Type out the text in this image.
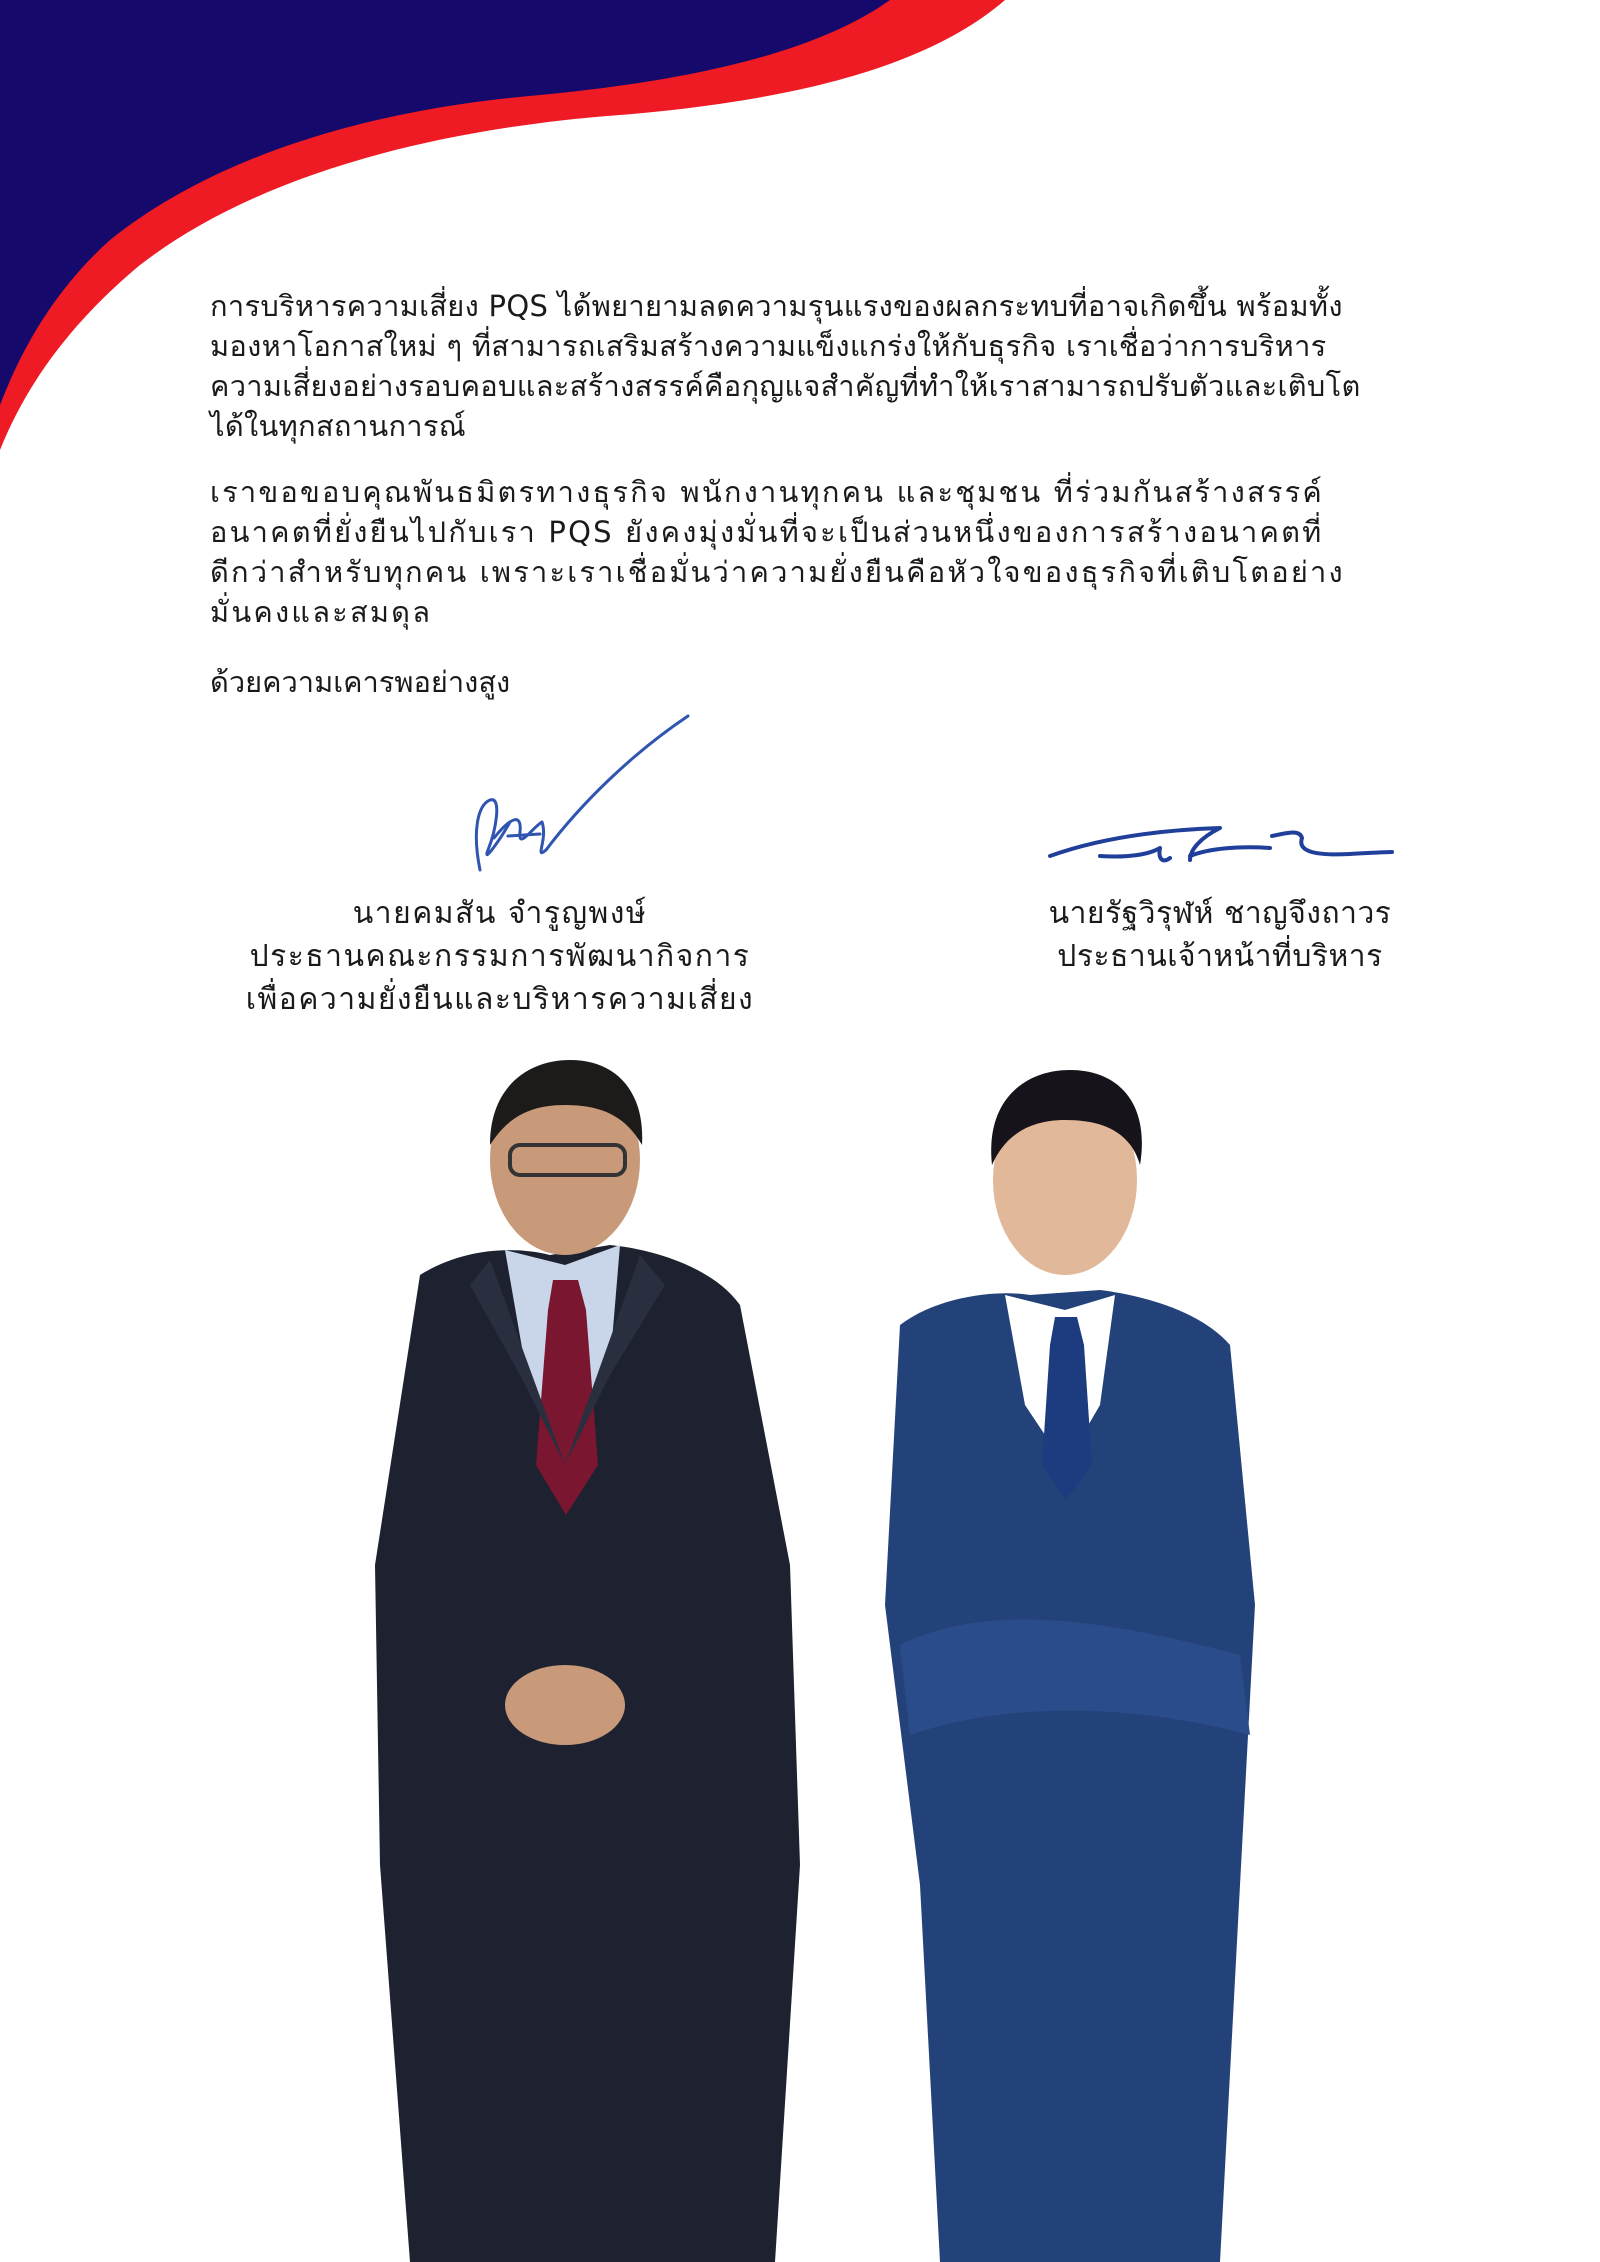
การบริหารความเสี่ยง PQS ได้พยายามลดความรุนแรงของผลกระทบที่อาจเกิดขึ้น พร้อมทั้ง
มองหาโอกาสใหม่ ๆ ที่สามารถเสริมสร้างความแข็งแกร่งให้กับธุรกิจ เราเชื่อว่าการบริหาร
ความเสี่ยงอย่างรอบคอบและสร้างสรรค์คือกุญแจสำคัญที่ทำให้เราสามารถปรับตัวและเติบโต
ได้ในทุกสถานการณ์

เราขอขอบคุณพันธมิตรทางธุรกิจ พนักงานทุกคน และชุมชน ที่ร่วมกันสร้างสรรค์
อนาคตที่ยั่งยืนไปกับเรา PQS ยังคงมุ่งมั่นที่จะเป็นส่วนหนึ่งของการสร้างอนาคตที่
ดีกว่าสำหรับทุกคน เพราะเราเชื่อมั่นว่าความยั่งยืนคือหัวใจของธุรกิจที่เติบโตอย่าง
มั่นคงและสมดุล

ด้วยความเคารพอย่างสูง
นายคมสัน จำรูญพงษ์
ประธานคณะกรรมการพัฒนากิจการ
เพื่อความยั่งยืนและบริหารความเสี่ยง
นายรัฐวิรุฬห์ ชาญจึงถาวร
ประธานเจ้าหน้าที่บริหาร
